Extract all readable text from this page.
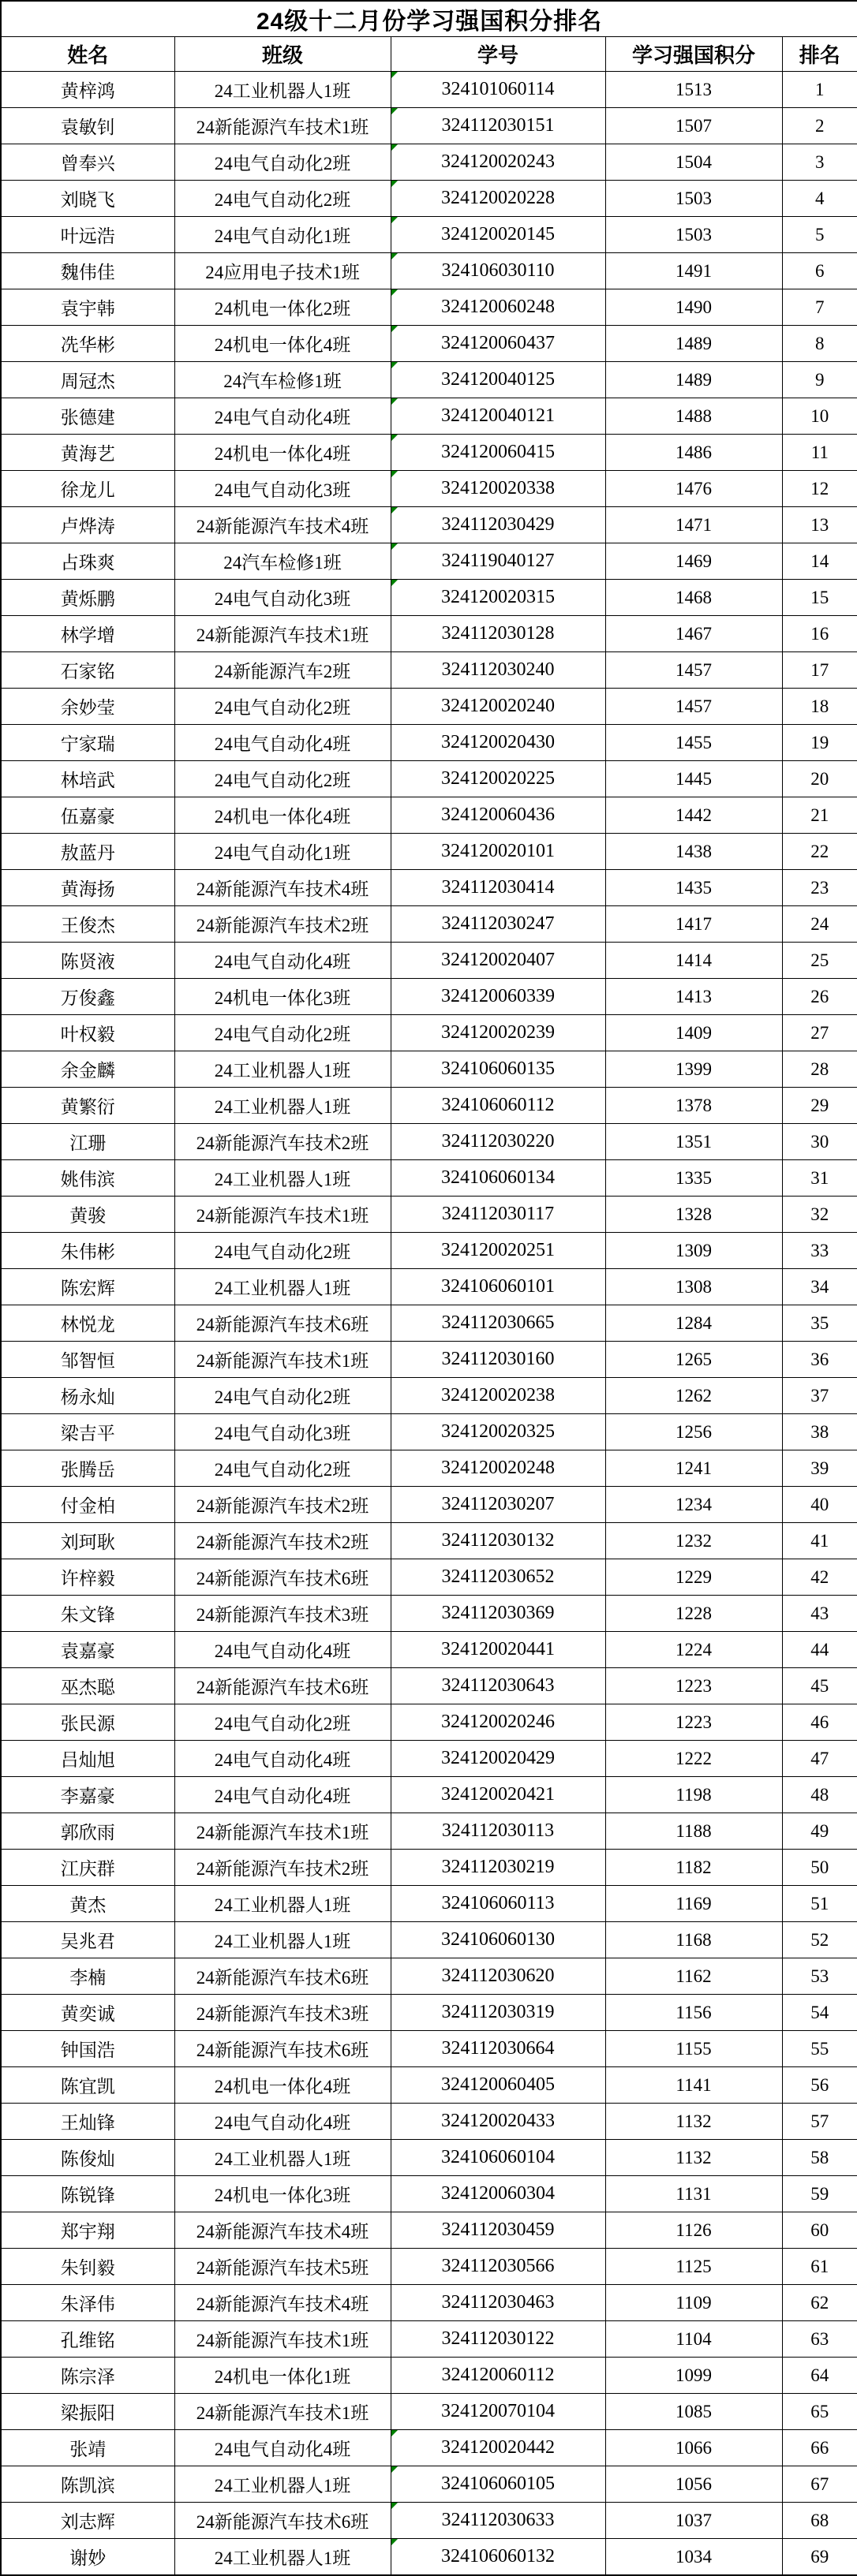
24级十二月份学习强国积分排名				
姓名	班级	学号	学习强国积分	排名
黄梓鸿	24工业机器人1班	324101060114	1513	1
袁敏钊	24新能源汽车技术1班	324112030151	1507	2
曾奉兴	24电气自动化2班	324120020243	1504	3
刘晓飞	24电气自动化2班	324120020228	1503	4
叶远浩	24电气自动化1班	324120020145	1503	5
魏伟佳	24应用电子技术1班	324106030110	1491	6
袁宇韩	24机电一体化2班	324120060248	1490	7
冼华彬	24机电一体化4班	324120060437	1489	8
周冠杰	24汽车检修1班	324120040125	1489	9
张德建	24电气自动化4班	324120040121	1488	10
黄海艺	24机电一体化4班	324120060415	1486	11
徐龙儿	24电气自动化3班	324120020338	1476	12
卢烨涛	24新能源汽车技术4班	324112030429	1471	13
占珠爽	24汽车检修1班	324119040127	1469	14
黄烁鹏	24电气自动化3班	324120020315	1468	15
林学增	24新能源汽车技术1班	324112030128	1467	16
石家铭	24新能源汽车2班	324112030240	1457	17
余妙莹	24电气自动化2班	324120020240	1457	18
宁家瑞	24电气自动化4班	324120020430	1455	19
林培武	24电气自动化2班	324120020225	1445	20
伍嘉豪	24机电一体化4班	324120060436	1442	21
敖蓝丹	24电气自动化1班	324120020101	1438	22
黄海扬	24新能源汽车技术4班	324112030414	1435	23
王俊杰	24新能源汽车技术2班	324112030247	1417	24
陈贤液	24电气自动化4班	324120020407	1414	25
万俊鑫	24机电一体化3班	324120060339	1413	26
叶权毅	24电气自动化2班	324120020239	1409	27
余金麟	24工业机器人1班	324106060135	1399	28
黄繁衍	24工业机器人1班	324106060112	1378	29
江珊	24新能源汽车技术2班	324112030220	1351	30
姚伟滨	24工业机器人1班	324106060134	1335	31
黄骏	24新能源汽车技术1班	324112030117	1328	32
朱伟彬	24电气自动化2班	324120020251	1309	33
陈宏辉	24工业机器人1班	324106060101	1308	34
林悦龙	24新能源汽车技术6班	324112030665	1284	35
邹智恒	24新能源汽车技术1班	324112030160	1265	36
杨永灿	24电气自动化2班	324120020238	1262	37
梁吉平	24电气自动化3班	324120020325	1256	38
张腾岳	24电气自动化2班	324120020248	1241	39
付金柏	24新能源汽车技术2班	324112030207	1234	40
刘珂耿	24新能源汽车技术2班	324112030132	1232	41
许梓毅	24新能源汽车技术6班	324112030652	1229	42
朱文锋	24新能源汽车技术3班	324112030369	1228	43
袁嘉豪	24电气自动化4班	324120020441	1224	44
巫杰聪	24新能源汽车技术6班	324112030643	1223	45
张民源	24电气自动化2班	324120020246	1223	46
吕灿旭	24电气自动化4班	324120020429	1222	47
李嘉豪	24电气自动化4班	324120020421	1198	48
郭欣雨	24新能源汽车技术1班	324112030113	1188	49
江庆群	24新能源汽车技术2班	324112030219	1182	50
黄杰	24工业机器人1班	324106060113	1169	51
吴兆君	24工业机器人1班	324106060130	1168	52
李楠	24新能源汽车技术6班	324112030620	1162	53
黄奕诚	24新能源汽车技术3班	324112030319	1156	54
钟国浩	24新能源汽车技术6班	324112030664	1155	55
陈宜凯	24机电一体化4班	324120060405	1141	56
王灿锋	24电气自动化4班	324120020433	1132	57
陈俊灿	24工业机器人1班	324106060104	1132	58
陈锐锋	24机电一体化3班	324120060304	1131	59
郑宇翔	24新能源汽车技术4班	324112030459	1126	60
朱钊毅	24新能源汽车技术5班	324112030566	1125	61
朱泽伟	24新能源汽车技术4班	324112030463	1109	62
孔维铭	24新能源汽车技术1班	324112030122	1104	63
陈宗泽	24机电一体化1班	324120060112	1099	64
梁振阳	24新能源汽车技术1班	324120070104	1085	65
张靖	24电气自动化4班	324120020442	1066	66
陈凯滨	24工业机器人1班	324106060105	1056	67
刘志辉	24新能源汽车技术6班	324112030633	1037	68
谢妙	24工业机器人1班	324106060132	1034	69
